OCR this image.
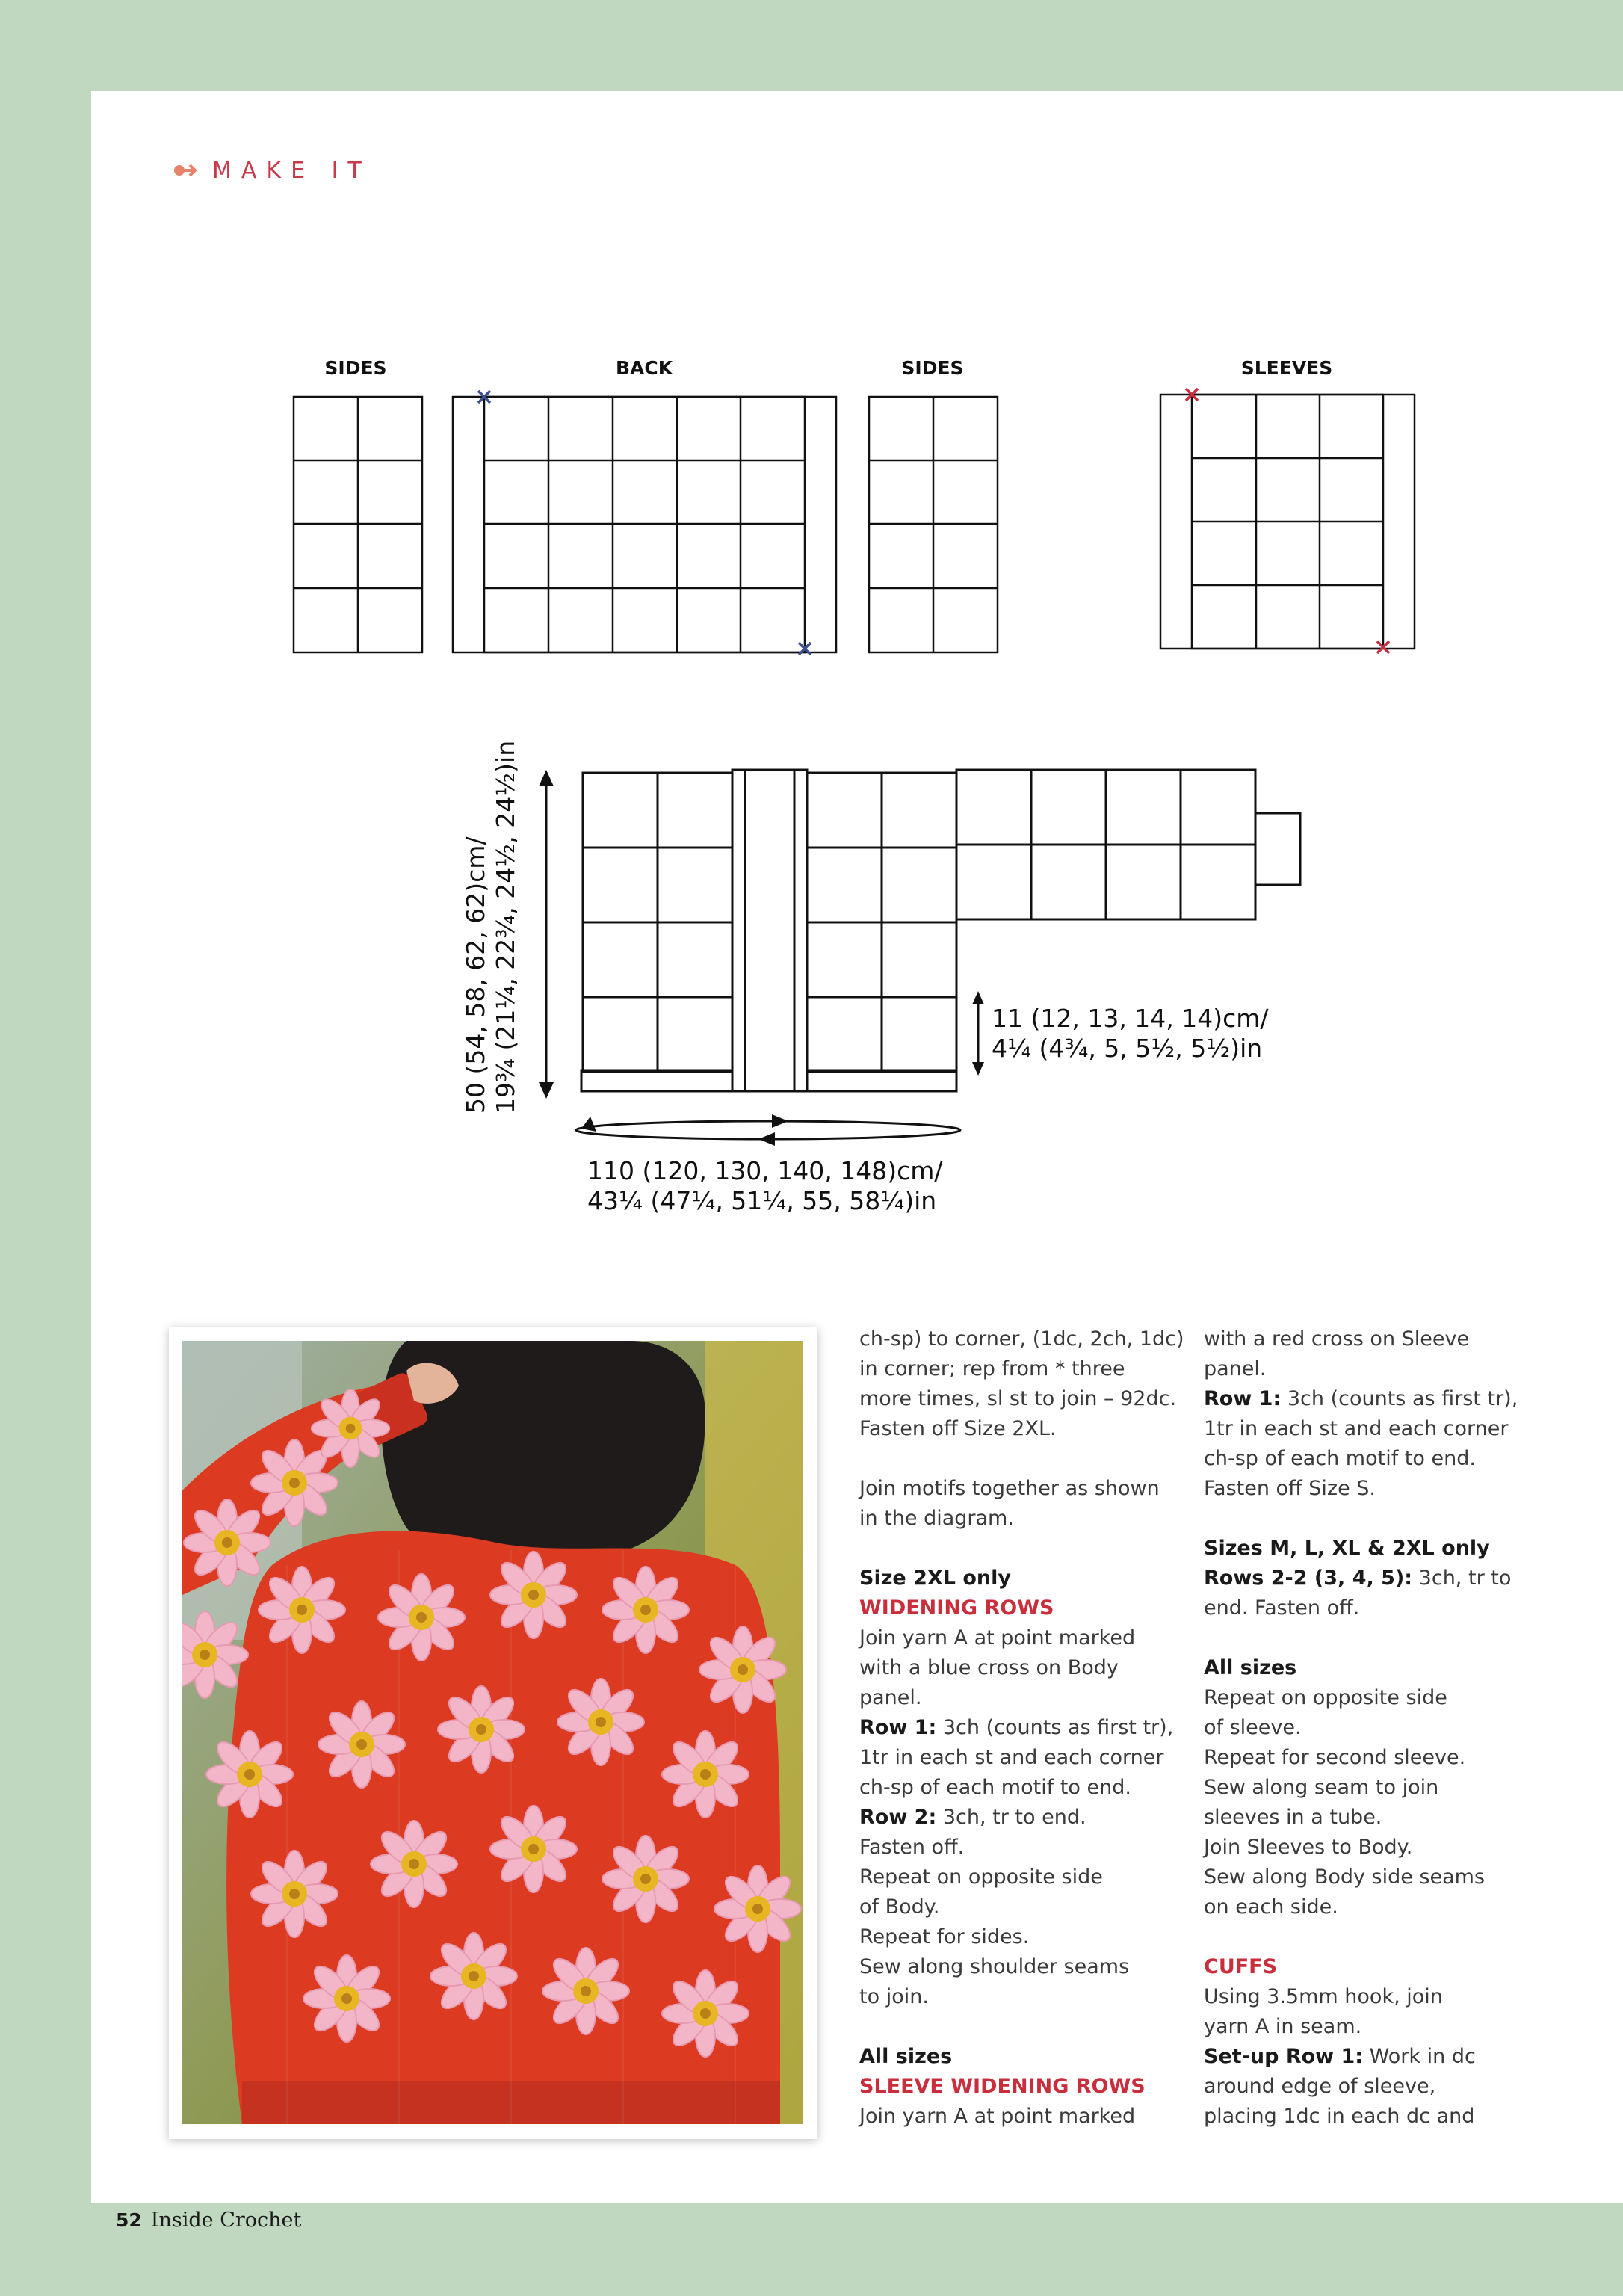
MAKE IT
SIDES	BACK	SIDES	SLEEVES
50 (54, 58, 62, 62)cm/ 19¾ (21¼, 22¾, 24½, 24½)in	11 (12, 13, 14, 14)cm/
4¼ (4¾, 5, 5½, 5½)in
110 (120, 130, 140, 148)cm/
43¼ (47¼, 51¼, 55, 58¼)in

ch-sp) to corner, (1dc, 2ch, 1dc)
in corner; rep from * three
more times, sl st to join – 92dc.
Fasten off Size 2XL.

Join motifs together as shown
in the diagram.

Size 2XL only
WIDENING ROWS
Join yarn A at point marked
with a blue cross on Body
panel.
Row 1: 3ch (counts as first tr),
1tr in each st and each corner
ch-sp of each motif to end.
Row 2: 3ch, tr to end.
Fasten off.
Repeat on opposite side
of Body.
Repeat for sides.
Sew along shoulder seams
to join.

All sizes
SLEEVE WIDENING ROWS
Join yarn A at point marked

with a red cross on Sleeve
panel.
Row 1: 3ch (counts as first tr),
1tr in each st and each corner
ch-sp of each motif to end.
Fasten off Size S.

Sizes M, L, XL & 2XL only
Rows 2-2 (3, 4, 5): 3ch, tr to
end. Fasten off.

All sizes
Repeat on opposite side
of sleeve.
Repeat for second sleeve.
Sew along seam to join
sleeves in a tube.
Join Sleeves to Body.
Sew along Body side seams
on each side.

CUFFS
Using 3.5mm hook, join
yarn A in seam.
Set-up Row 1: Work in dc
around edge of sleeve,
placing 1dc in each dc and

52 Inside Crochet
